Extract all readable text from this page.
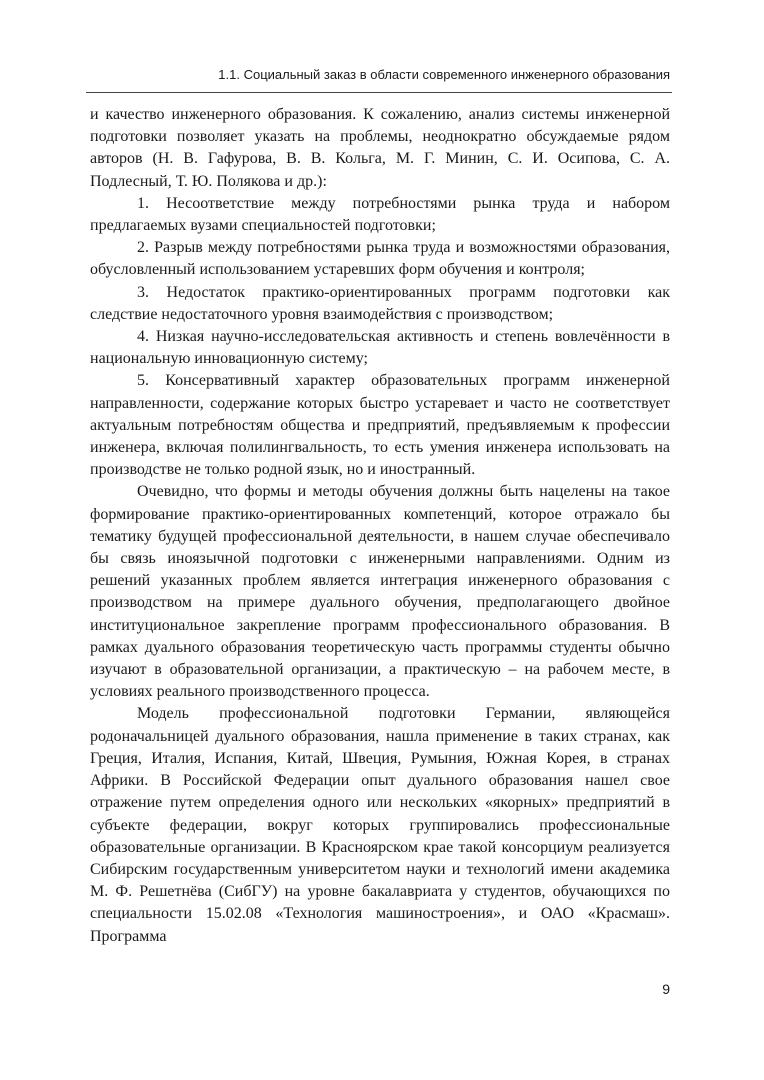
1.1. Социальный заказ в области современного инженерного образования

и качество инженерного образования. К сожалению, анализ системы инженерной подготовки позволяет указать на проблемы, неоднократно обсуждаемые рядом авторов (Н. В. Гафурова, В. В. Кольга, М. Г. Минин, С. И. Осипова, С. А. Подлесный, Т. Ю. Полякова и др.):

1. Несоответствие между потребностями рынка труда и набором предлагаемых вузами специальностей подготовки;

2. Разрыв между потребностями рынка труда и возможностями образования, обусловленный использованием устаревших форм обучения и контроля;

3. Недостаток практико-ориентированных программ подготовки как следствие недостаточного уровня взаимодействия с производством;

4. Низкая научно-исследовательская активность и степень вовлечённости в национальную инновационную систему;

5. Консервативный характер образовательных программ инженерной направленности, содержание которых быстро устаревает и часто не соответствует актуальным потребностям общества и предприятий, предъявляемым к профессии инженера, включая полилингвальность, то есть умения инженера использовать на производстве не только родной язык, но и иностранный.

Очевидно, что формы и методы обучения должны быть нацелены на такое формирование практико-ориентированных компетенций, которое отражало бы тематику будущей профессиональной деятельности, в нашем случае обеспечивало бы связь иноязычной подготовки с инженерными направлениями. Одним из решений указанных проблем является интеграция инженерного образования с производством на примере дуального обучения, предполагающего двойное институциональное закрепление программ профессионального образования. В рамках дуального образования теоретическую часть программы студенты обычно изучают в образовательной организации, а практическую – на рабочем месте, в условиях реального производственного процесса.

Модель профессиональной подготовки Германии, являющейся родоначальницей дуального образования, нашла применение в таких странах, как Греция, Италия, Испания, Китай, Швеция, Румыния, Южная Корея, в странах Африки. В Российской Федерации опыт дуального образования нашел свое отражение путем определения одного или нескольких «якорных» предприятий в субъекте федерации, вокруг которых группировались профессиональные образовательные организации. В Красноярском крае такой консорциум реализуется Сибирским государственным университетом науки и технологий имени академика М. Ф. Решетнёва (СибГУ) на уровне бакалавриата у студентов, обучающихся по специальности 15.02.08 «Технология машиностроения», и ОАО «Красмаш». Программа

9
